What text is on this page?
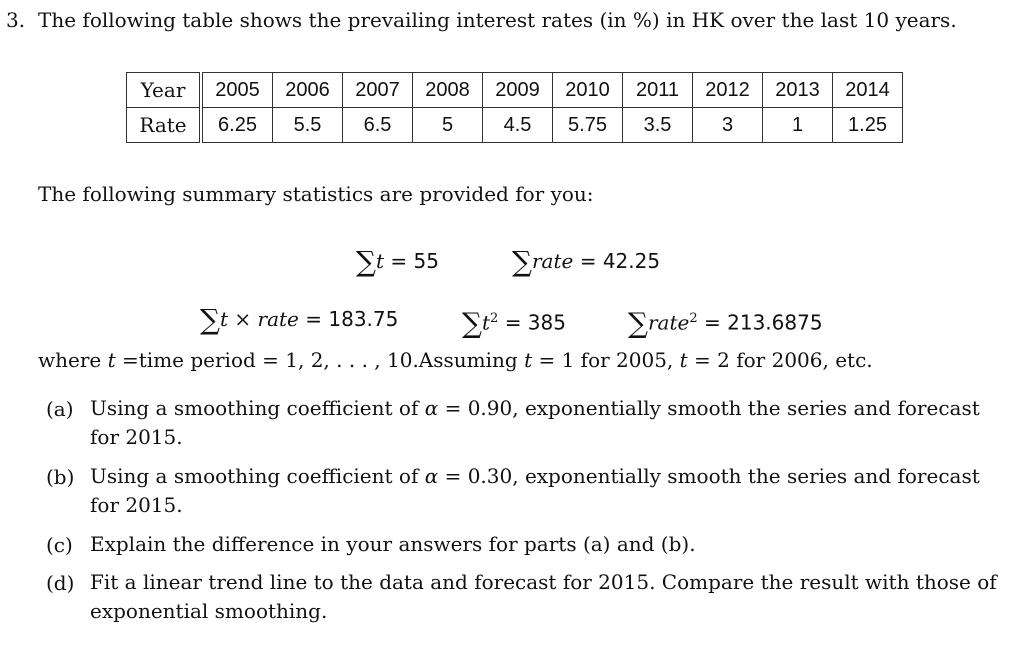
3. The following table shows the prevailing interest rates (in %) in HK over the last 10 years.
Year	2005	2006	2007	2008	2009	2010	2011	2012	2013	2014
Rate	6.25	5.5	6.5	5	4.5	5.75	3.5	3	1	1.25
The following summary statistics are provided for you:
∑t = 55	∑rate = 42.25
∑t × rate = 183.75 $\sum t^2 = 385$ ∑rate$^2$ = 213.6875
where t =time period = 1, 2, . . . , 10.Assuming t = 1 for 2005, t = 2 for 2006, etc.
(a) Using a smoothing coefficient of α = 0.90, exponentially smooth the series and forecast for 2015.
(b) Using a smoothing coefficient of α = 0.30, exponentially smooth the series and forecast for 2015.
(c) Explain the difference in your answers for parts (a) and (b).
(d) Fit a linear trend line to the data and forecast for 2015. Compare the result with those of exponential smoothing.
